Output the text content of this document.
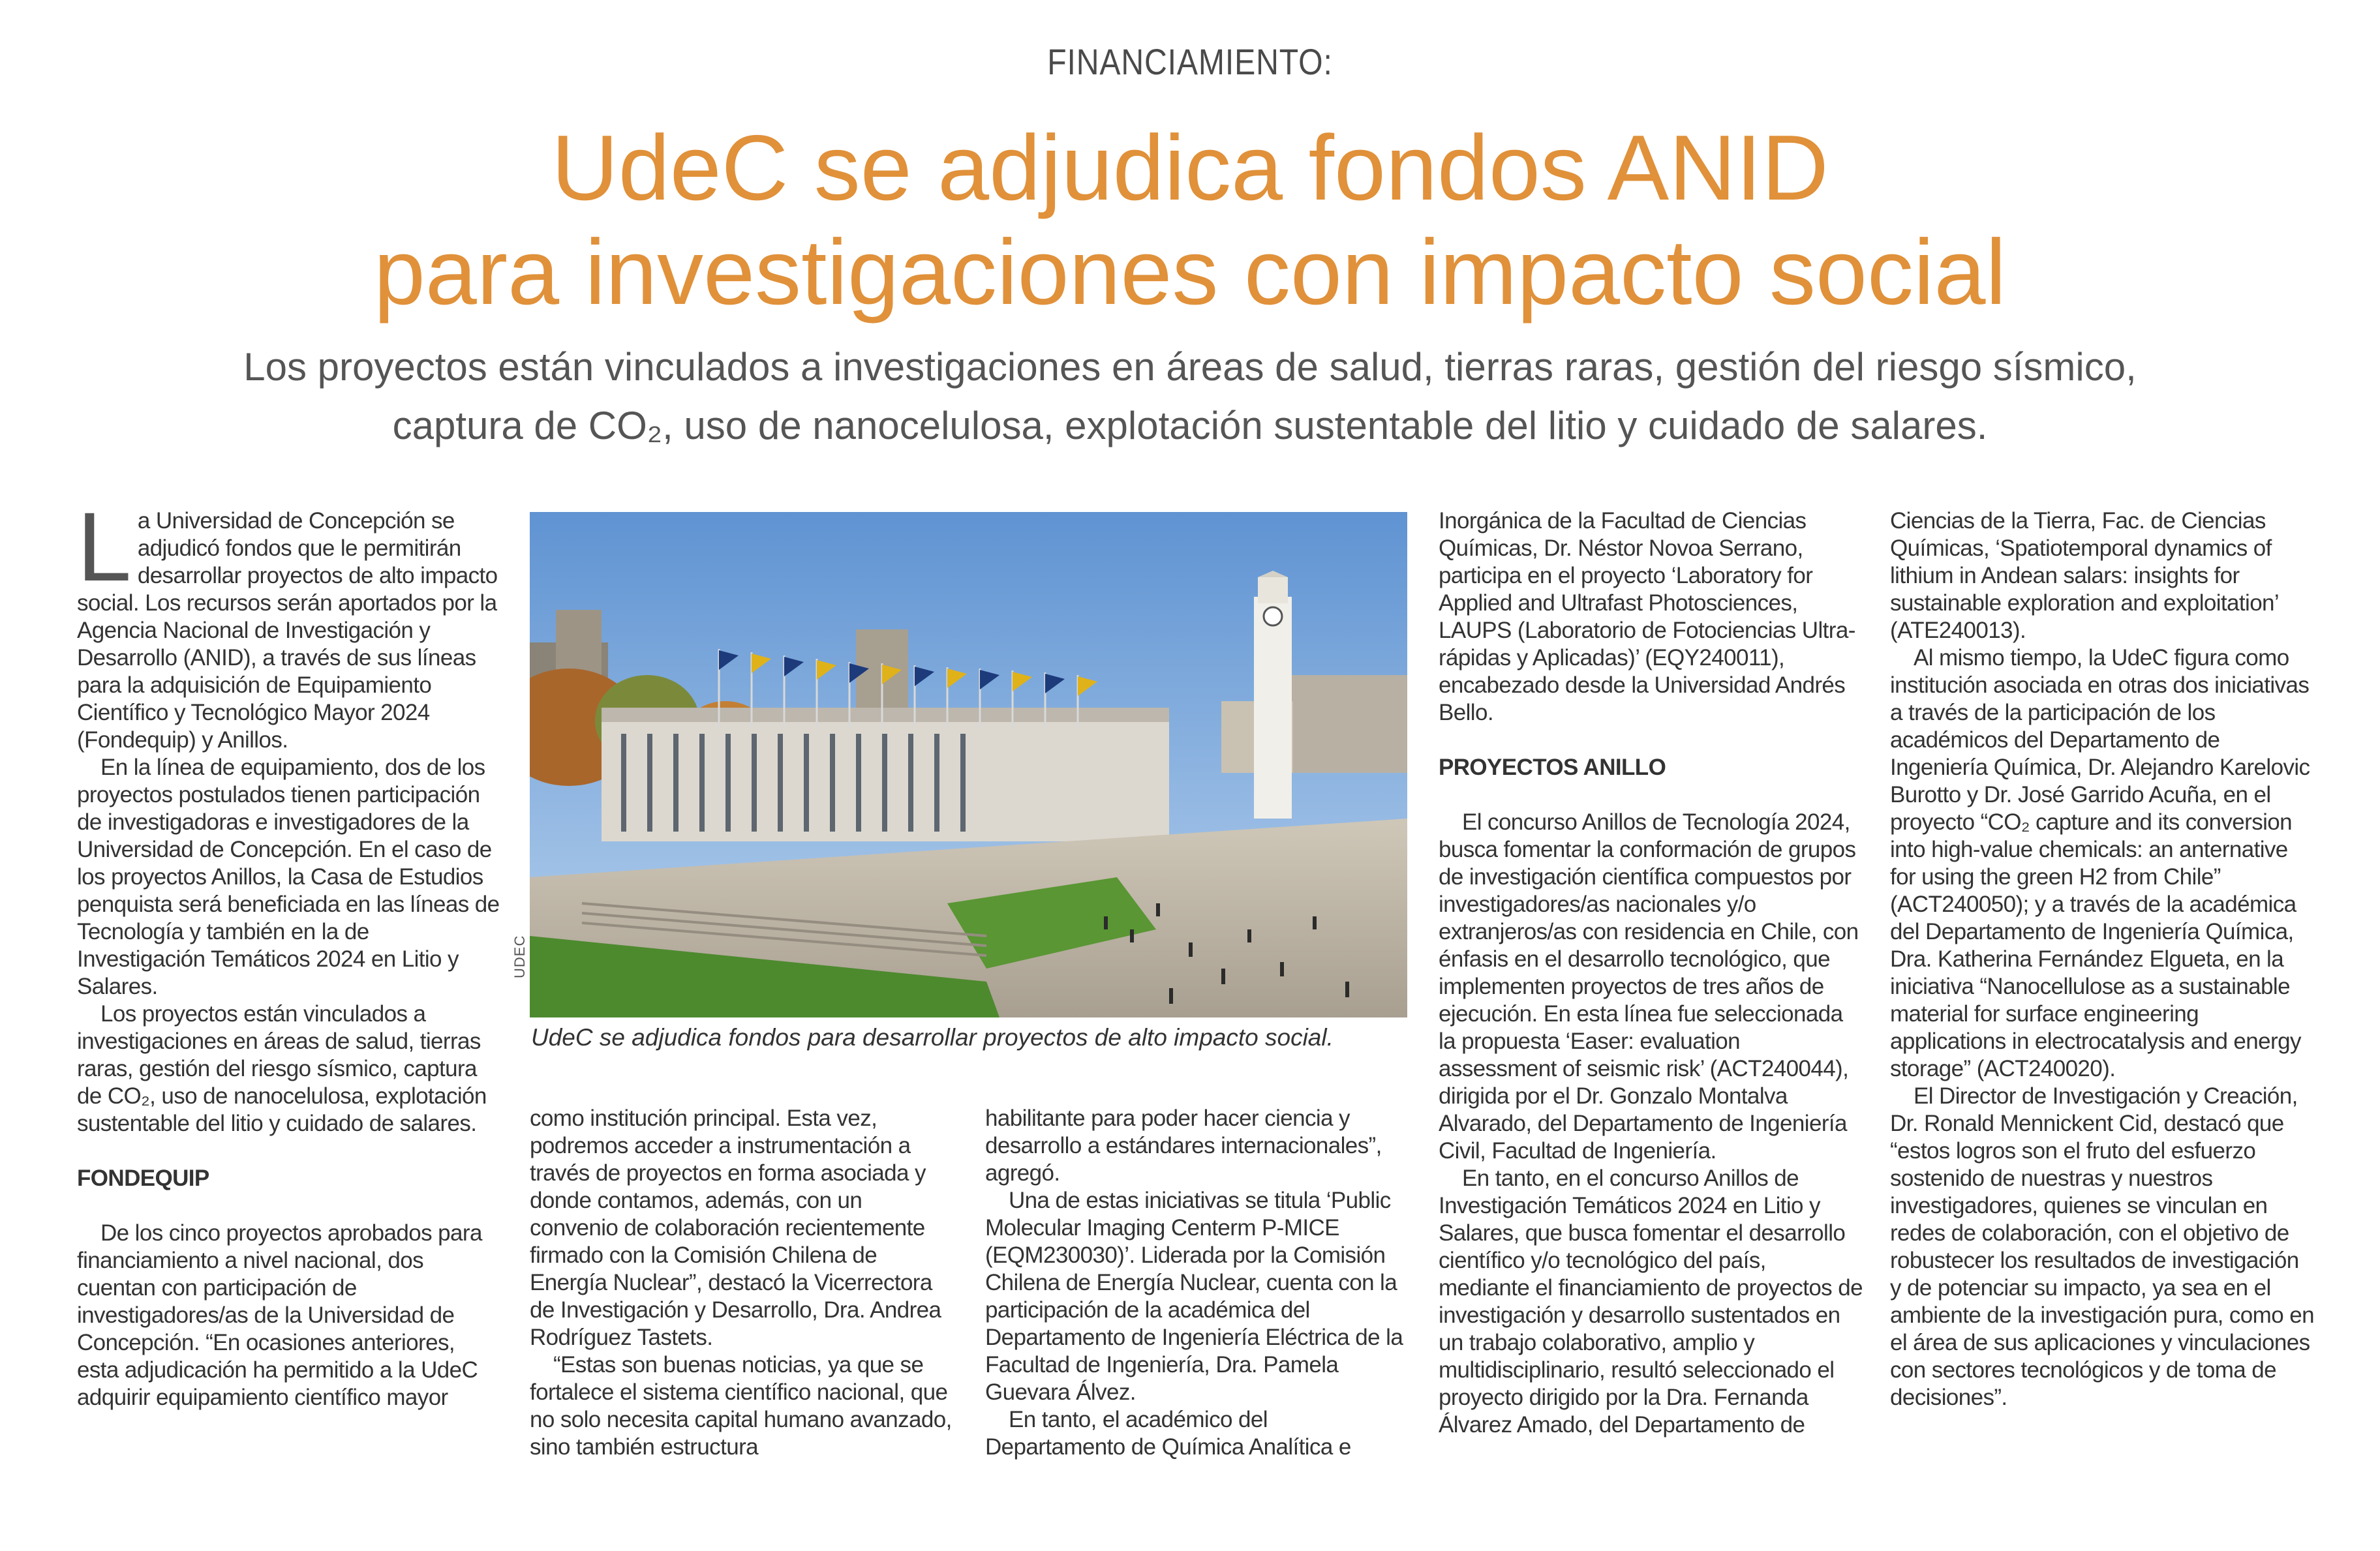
FINANCIAMIENTO:
UdeC se adjudica fondos ANID
para investigaciones con impacto social
Los proyectos están vinculados a investigaciones en áreas de salud, tierras raras, gestión del riesgo sísmico,
captura de CO₂, uso de nanocelulosa, explotación sustentable del litio y cuidado de salares.

La Universidad de Concepción se adjudicó fondos que le permitirán desarrollar proyectos de alto impacto social. Los recursos serán aportados por la Agencia Nacional de Investigación y Desarrollo (ANID), a través de sus líneas para la adquisición de Equipamiento Científico y Tecnológico Mayor 2024 (Fondequip) y Anillos.

En la línea de equipamiento, dos de los proyectos postulados tienen participación de investigadoras e investigadores de la Universidad de Concepción. En el caso de los proyectos Anillos, la Casa de Estudios penquista será beneficiada en las líneas de Tecnología y también en la de Investigación Temáticos 2024 en Litio y Salares.

Los proyectos están vinculados a investigaciones en áreas de salud, tierras raras, gestión del riesgo sísmico, captura de CO₂, uso de nanocelulosa, explotación sustentable del litio y cuidado de salares.

FONDEQUIP

De los cinco proyectos aprobados para financiamiento a nivel nacional, dos cuentan con participación de investigadores/as de la Universidad de Concepción. “En ocasiones anteriores, esta adjudicación ha permitido a la UdeC adquirir equipamiento científico mayor

UDEC
UdeC se adjudica fondos para desarrollar proyectos de alto impacto social.

como institución principal. Esta vez, podremos acceder a instrumentación a través de proyectos en forma asociada y donde contamos, además, con un convenio de colaboración recientemente firmado con la Comisión Chilena de Energía Nuclear”, destacó la Vicerrectora de Investigación y Desarrollo, Dra. Andrea Rodríguez Tastets.

“Estas son buenas noticias, ya que se fortalece el sistema científico nacional, que no solo necesita capital humano avanzado, sino también estructura

habilitante para poder hacer ciencia y desarrollo a estándares internacionales”, agregó.

Una de estas iniciativas se titula ‘Public Molecular Imaging Centerm P-MICE (EQM230030)’. Liderada por la Comisión Chilena de Energía Nuclear, cuenta con la participación de la académica del Departamento de Ingeniería Eléctrica de la Facultad de Ingeniería, Dra. Pamela Guevara Álvez.

En tanto, el académico del Departamento de Química Analítica e

Inorgánica de la Facultad de Ciencias Químicas, Dr. Néstor Novoa Serrano, participa en el proyecto ‘Laboratory for Applied and Ultrafast Photosciences, LAUPS (Laboratorio de Fotociencias Ultra-rápidas y Aplicadas)’ (EQY240011), encabezado desde la Universidad Andrés Bello.

PROYECTOS ANILLO

El concurso Anillos de Tecnología 2024, busca fomentar la conformación de grupos de investigación científica compuestos por investigadores/as nacionales y/o extranjeros/as con residencia en Chile, con énfasis en el desarrollo tecnológico, que implementen proyectos de tres años de ejecución. En esta línea fue seleccionada la propuesta ‘Easer: evaluation assessment of seismic risk’ (ACT240044), dirigida por el Dr. Gonzalo Montalva Alvarado, del Departamento de Ingeniería Civil, Facultad de Ingeniería.

En tanto, en el concurso Anillos de Investigación Temáticos 2024 en Litio y Salares, que busca fomentar el desarrollo científico y/o tecnológico del país, mediante el financiamiento de proyectos de investigación y desarrollo sustentados en un trabajo colaborativo, amplio y multidisciplinario, resultó seleccionado el proyecto dirigido por la Dra. Fernanda Álvarez Amado, del Departamento de

Ciencias de la Tierra, Fac. de Ciencias Químicas, ‘Spatiotemporal dynamics of lithium in Andean salars: insights for sustainable exploration and exploitation’ (ATE240013).

Al mismo tiempo, la UdeC figura como institución asociada en otras dos iniciativas a través de la participación de los académicos del Departamento de Ingeniería Química, Dr. Alejandro Karelovic Burotto y Dr. José Garrido Acuña, en el proyecto “CO₂ capture and its conversion into high-value chemicals: an anternative for using the green H2 from Chile” (ACT240050); y a través de la académica del Departamento de Ingeniería Química, Dra. Katherina Fernández Elgueta, en la iniciativa “Nanocellulose as a sustainable material for surface engineering applications in electrocatalysis and energy storage” (ACT240020).

El Director de Investigación y Creación, Dr. Ronald Mennickent Cid, destacó que “estos logros son el fruto del esfuerzo sostenido de nuestras y nuestros investigadores, quienes se vinculan en redes de colaboración, con el objetivo de robustecer los resultados de investigación y de potenciar su impacto, ya sea en el ambiente de la investigación pura, como en el área de sus aplicaciones y vinculaciones con sectores tecnológicos y de toma de decisiones”.
